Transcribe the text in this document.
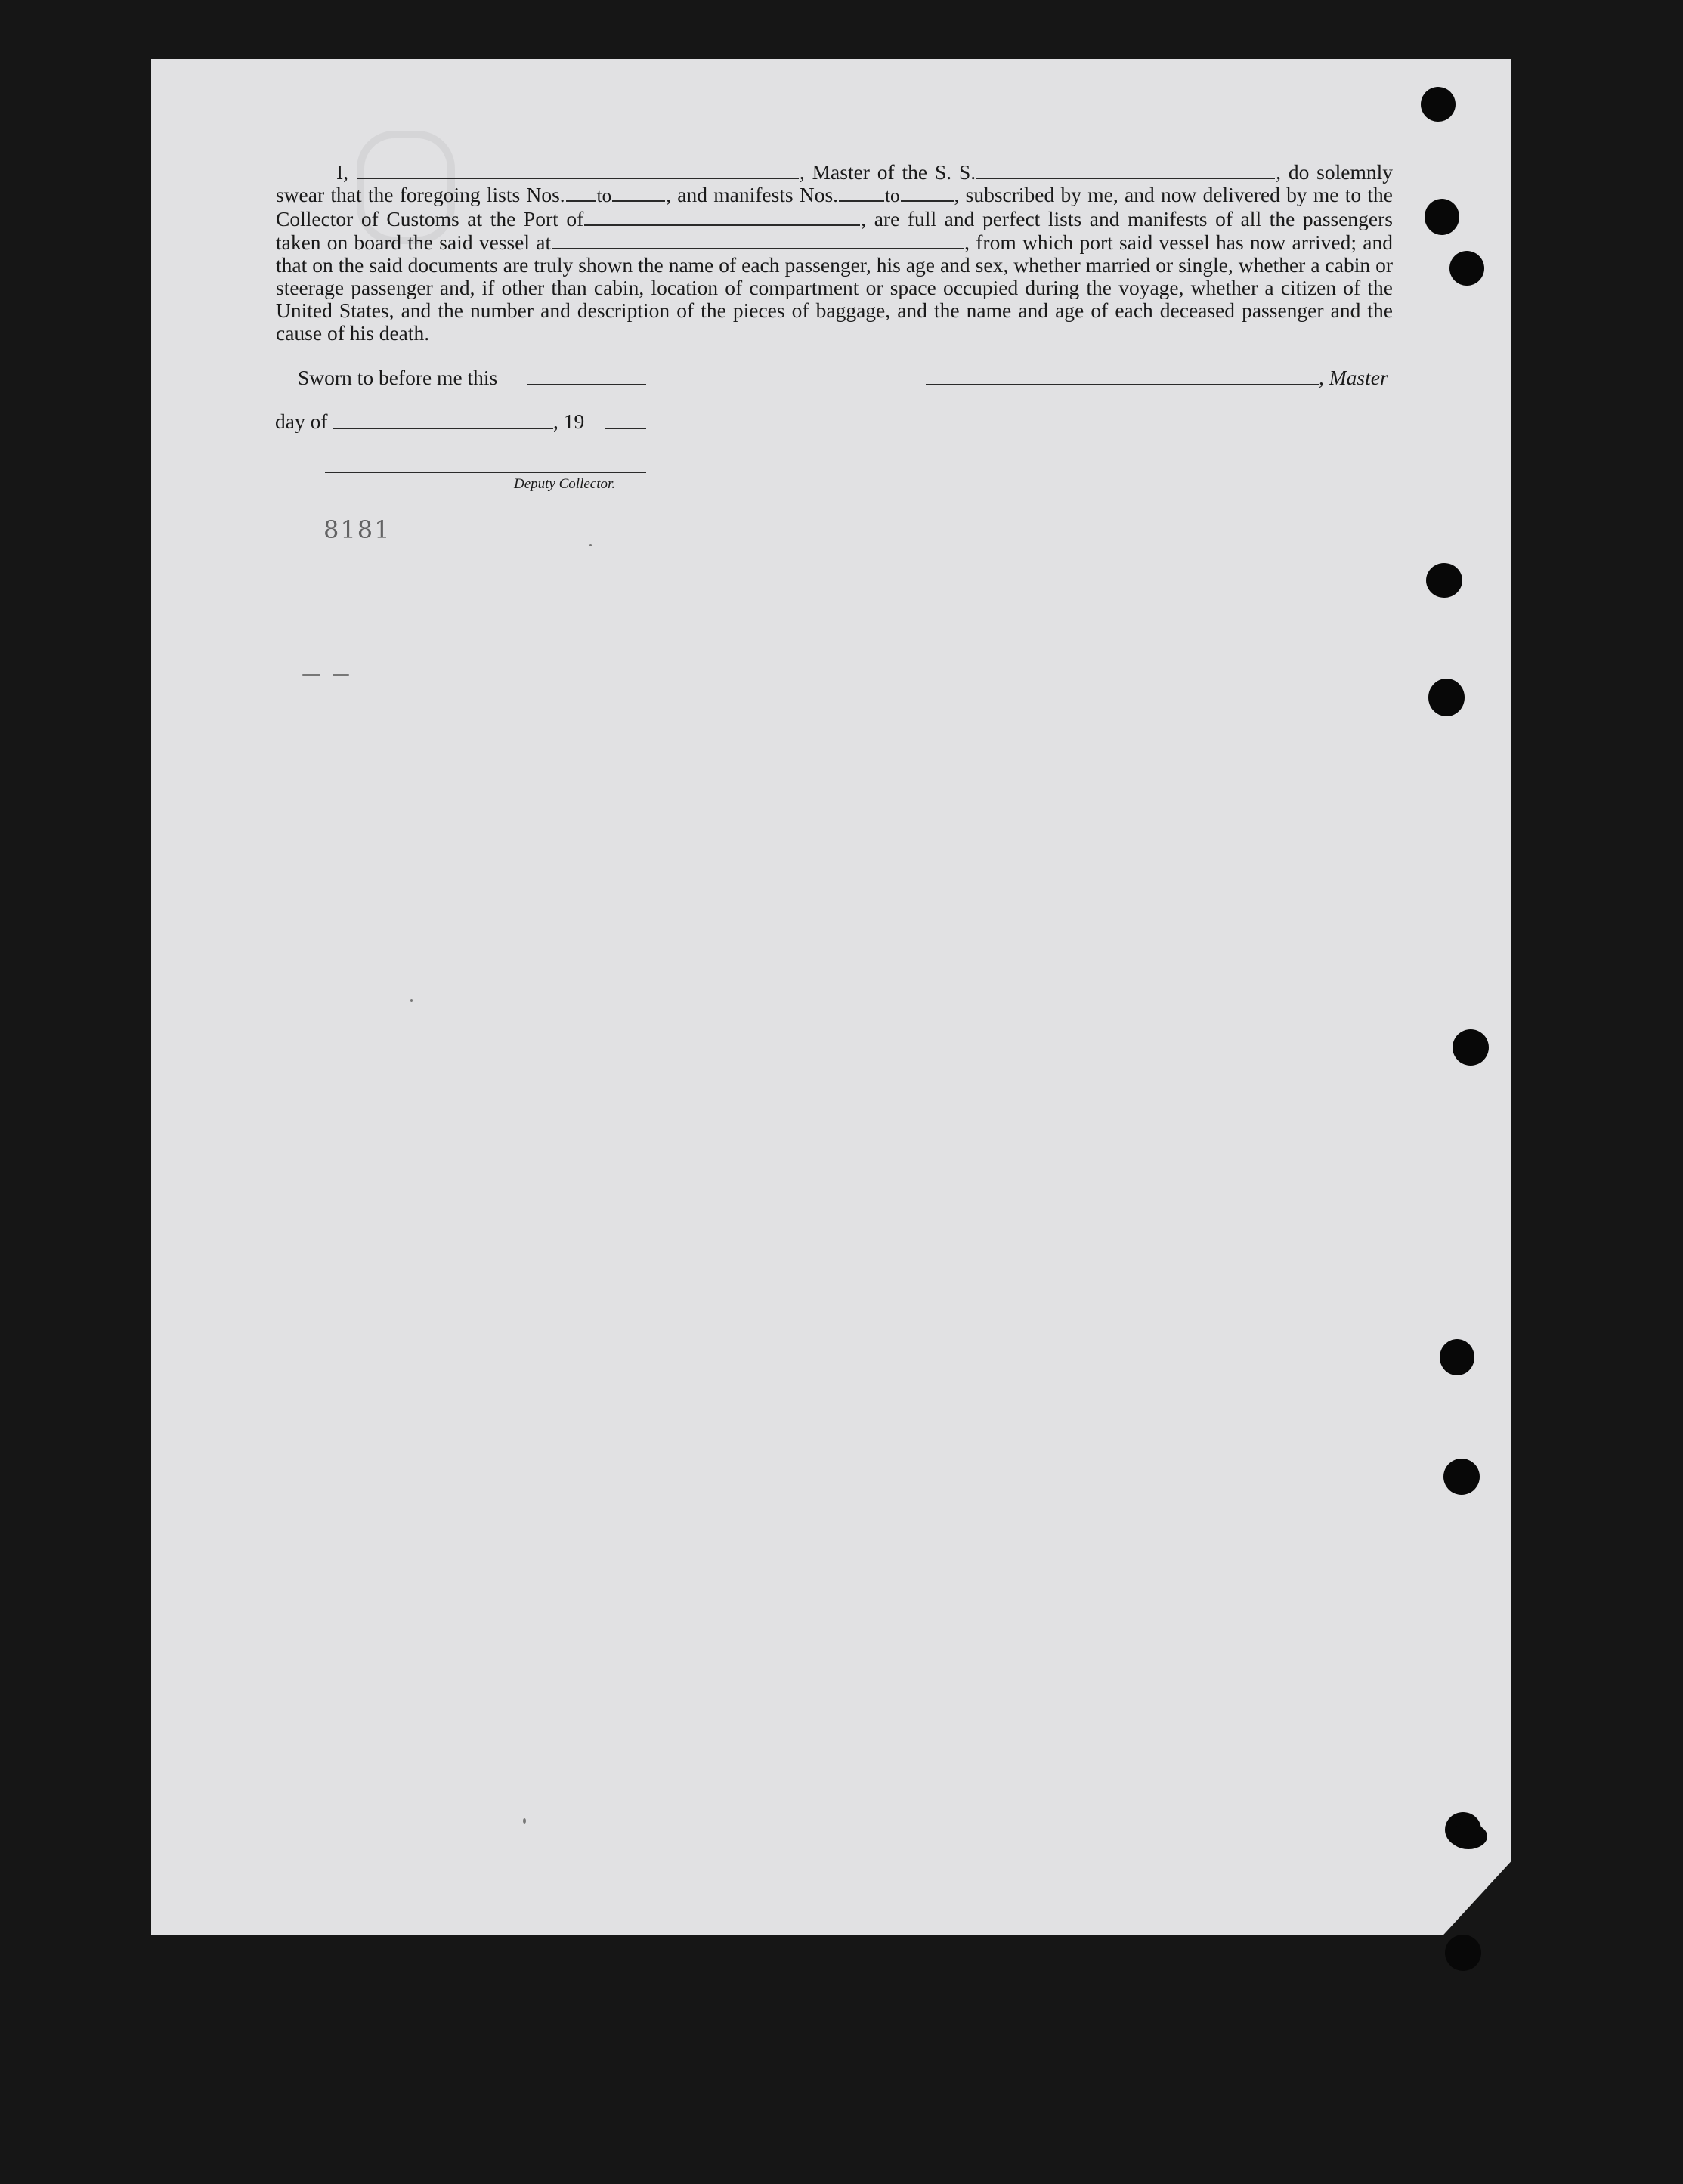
I,	, Master of the S. S.	, do solemnly swear that the foregoing lists Nos. to	, and manifests Nos. to	, subscribed by me, and now delivered by me to the Collector of Customs at the Port of	, are full and perfect lists and manifests of all the passengers taken on board the said vessel at	, from which port said vessel has now arrived; and that on the said documents are truly shown the name of each passenger, his age and sex, whether married or single, whether a cabin or steerage passenger and, if other than cabin, location of compartment or space occupied during the voyage, whether a citizen of the United States, and the number and description of the pieces of baggage, and the name and age of each deceased passenger and the cause of his death.
Sworn to before me this	, Master
day of	, 19
Deputy Collector.
8181
